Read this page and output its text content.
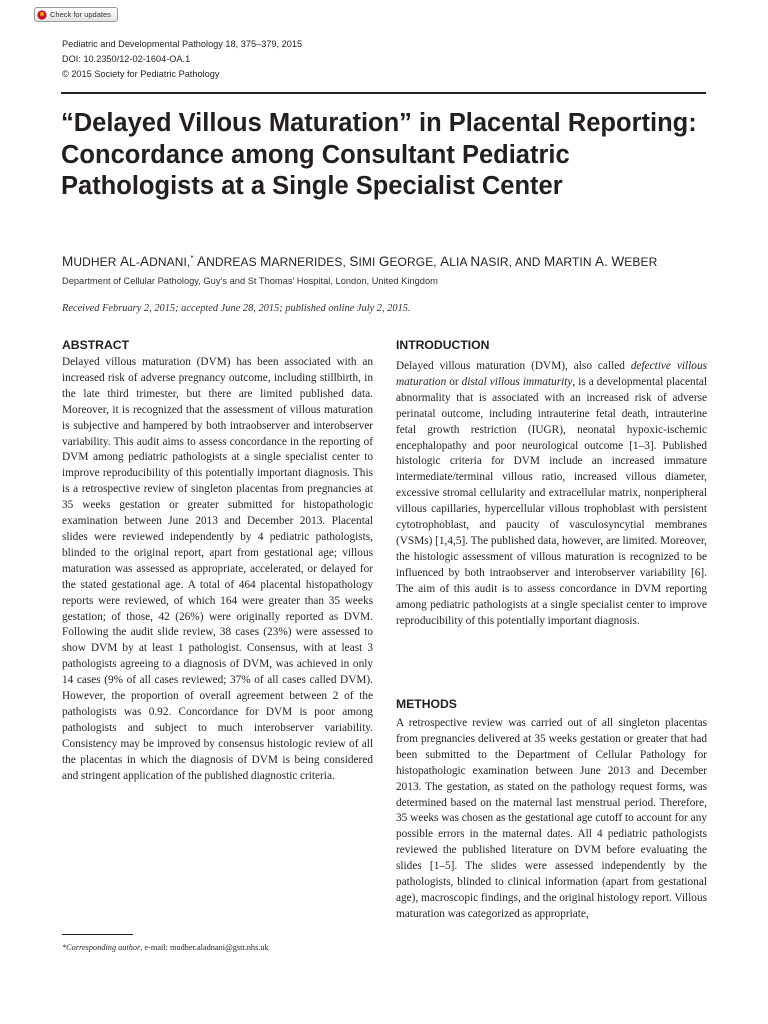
Check for updates
Pediatric and Developmental Pathology 18, 375–379, 2015
DOI: 10.2350/12-02-1604-OA.1
© 2015 Society for Pediatric Pathology
“Delayed Villous Maturation” in Placental Reporting: Concordance among Consultant Pediatric Pathologists at a Single Specialist Center
MUDHER AL-ADNANI,* ANDREAS MARNERIDES, SIMI GEORGE, ALIA NASIR, AND MARTIN A. WEBER
Department of Cellular Pathology, Guy’s and St Thomas’ Hospital, London, United Kingdom
Received February 2, 2015; accepted June 28, 2015; published online July 2, 2015.
ABSTRACT

Delayed villous maturation (DVM) has been associated with an increased risk of adverse pregnancy outcome, including stillbirth, in the late third trimester, but there are limited published data. Moreover, it is recognized that the assessment of villous maturation is subjective and hampered by both intraobserver and interobserver variability. This audit aims to assess concordance in the reporting of DVM among pediatric pathologists at a single specialist center to improve reproducibility of this potentially important diagnosis. This is a retrospective review of singleton placentas from pregnancies at 35 weeks gestation or greater submitted for histopathologic examination between June 2013 and December 2013. Placental slides were reviewed independently by 4 pediatric pathologists, blinded to the original report, apart from gestational age; villous maturation was assessed as appropriate, accelerated, or delayed for the stated gestational age. A total of 464 placental histopathology reports were reviewed, of which 164 were greater than 35 weeks gestation; of those, 42 (26%) were originally reported as DVM. Following the audit slide review, 38 cases (23%) were assessed to show DVM by at least 1 pathologist. Consensus, with at least 3 pathologists agreeing to a diagnosis of DVM, was achieved in only 14 cases (9% of all cases reviewed; 37% of all cases called DVM). However, the proportion of overall agreement between 2 of the pathologists was 0.92. Concordance for DVM is poor among pathologists and subject to much interobserver variability. Consistency may be improved by consensus histologic review of all the placentas in which the diagnosis of DVM is being considered and stringent application of the published diagnostic criteria.

INTRODUCTION

Delayed villous maturation (DVM), also called defective villous maturation or distal villous immaturity, is a developmental placental abnormality that is associated with an increased risk of adverse perinatal outcome, including intrauterine fetal death, intrauterine fetal growth restriction (IUGR), neonatal hypoxic-ischemic encephalopathy and poor neurological outcome [1–3]. Published histologic criteria for DVM include an increased immature intermediate/terminal villous ratio, increased villous diameter, excessive stromal cellularity and extracellular matrix, nonperipheral villous capillaries, hypercellular villous trophoblast with persistent cytotrophoblast, and paucity of vasculosyncytial membranes (VSMs) [1,4,5]. The published data, however, are limited. Moreover, the histologic assessment of villous maturation is recognized to be influenced by both intraobserver and interobserver variability [6]. The aim of this audit is to assess concordance in DVM reporting among pediatric pathologists at a single specialist center to improve reproducibility of this potentially important diagnosis.

METHODS

A retrospective review was carried out of all singleton placentas from pregnancies delivered at 35 weeks gestation or greater that had been submitted to the Department of Cellular Pathology for histopathologic examination between June 2013 and December 2013. The gestation, as stated on the pathology request forms, was determined based on the maternal last menstrual period. Therefore, 35 weeks was chosen as the gestational age cutoff to account for any possible errors in the maternal dates. All 4 pediatric pathologists reviewed the published literature on DVM before evaluating the slides [1–5]. The slides were assessed independently by the pathologists, blinded to clinical information (apart from gestational age), macroscopic findings, and the original histology report. Villous maturation was categorized as appropriate,

*Corresponding author, e-mail: mudher.aladnani@gstt.nhs.uk
